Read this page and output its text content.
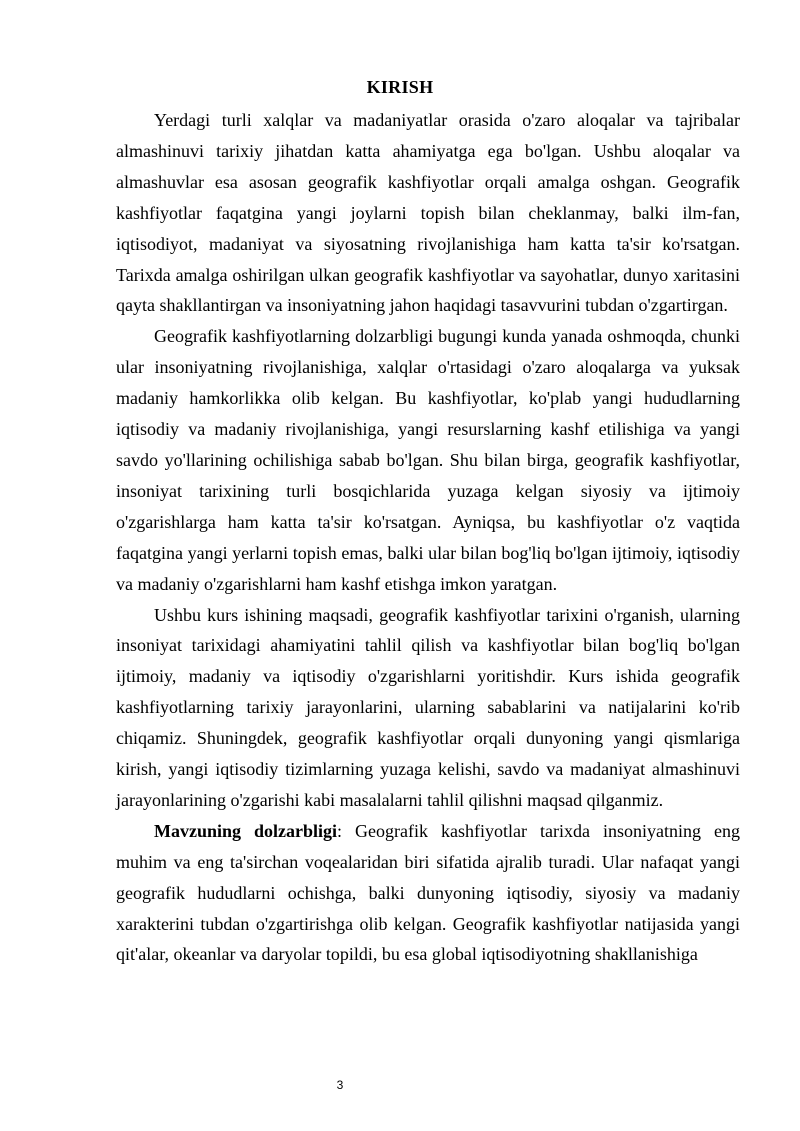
KIRISH

Yerdagi turli xalqlar va madaniyatlar orasida o'zaro aloqalar va tajribalar almashinuvi tarixiy jihatdan katta ahamiyatga ega bo'lgan. Ushbu aloqalar va almashuvlar esa asosan geografik kashfiyotlar orqali amalga oshgan. Geografik kashfiyotlar faqatgina yangi joylarni topish bilan cheklanmay, balki ilm-fan, iqtisodiyot, madaniyat va siyosatning rivojlanishiga ham katta ta'sir ko'rsatgan. Tarixda amalga oshirilgan ulkan geografik kashfiyotlar va sayohatlar, dunyo xaritasini qayta shakllantirgan va insoniyatning jahon haqidagi tasavvurini tubdan o'zgartirgan.

Geografik kashfiyotlarning dolzarbligi bugungi kunda yanada oshmoqda, chunki ular insoniyatning rivojlanishiga, xalqlar o'rtasidagi o'zaro aloqalarga va yuksak madaniy hamkorlikka olib kelgan. Bu kashfiyotlar, ko'plab yangi hududlarning iqtisodiy va madaniy rivojlanishiga, yangi resurslarning kashf etilishiga va yangi savdo yo'llarining ochilishiga sabab bo'lgan. Shu bilan birga, geografik kashfiyotlar, insoniyat tarixining turli bosqichlarida yuzaga kelgan siyosiy va ijtimoiy o'zgarishlarga ham katta ta'sir ko'rsatgan. Ayniqsa, bu kashfiyotlar o'z vaqtida faqatgina yangi yerlarni topish emas, balki ular bilan bog'liq bo'lgan ijtimoiy, iqtisodiy va madaniy o'zgarishlarni ham kashf etishga imkon yaratgan.

Ushbu kurs ishining maqsadi, geografik kashfiyotlar tarixini o'rganish, ularning insoniyat tarixidagi ahamiyatini tahlil qilish va kashfiyotlar bilan bog'liq bo'lgan ijtimoiy, madaniy va iqtisodiy o'zgarishlarni yoritishdir. Kurs ishida geografik kashfiyotlarning tarixiy jarayonlarini, ularning sabablarini va natijalarini ko'rib chiqamiz. Shuningdek, geografik kashfiyotlar orqali dunyoning yangi qismlariga kirish, yangi iqtisodiy tizimlarning yuzaga kelishi, savdo va madaniyat almashinuvi jarayonlarining o'zgarishi kabi masalalarni tahlil qilishni maqsad qilganmiz.

Mavzuning dolzarbligi: Geografik kashfiyotlar tarixda insoniyatning eng muhim va eng ta'sirchan voqealaridan biri sifatida ajralib turadi. Ular nafaqat yangi geografik hududlarni ochishga, balki dunyoning iqtisodiy, siyosiy va madaniy xarakterini tubdan o'zgartirishga olib kelgan. Geografik kashfiyotlar natijasida yangi qit'alar, okeanlar va daryolar topildi, bu esa global iqtisodiyotning shakllanishiga

3
